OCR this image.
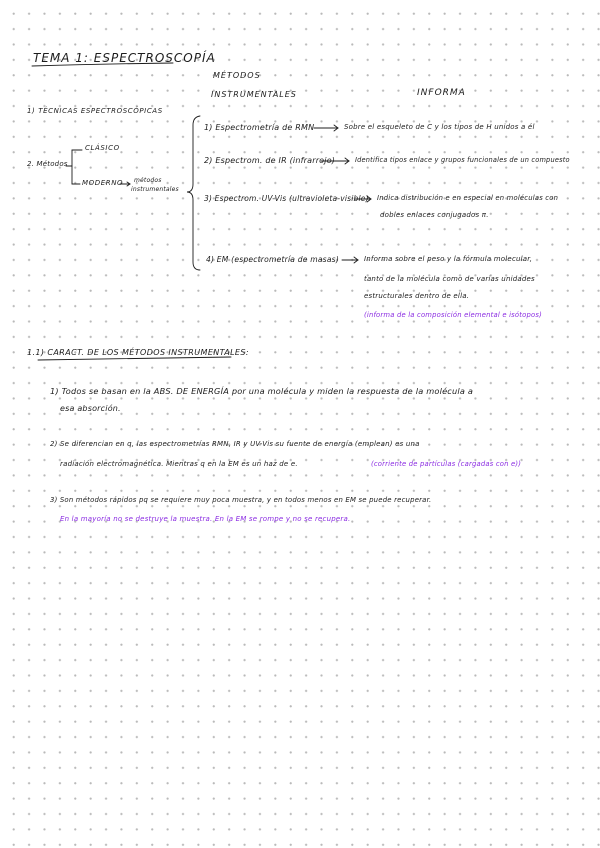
TEMA 1: ESPECTROSCOPÍA
MÉTODOS
INSTRUMENTALES	INFORMA
1) TÉCNICAS ESPECTROSCÓPICAS
2. Métodos
CLÁSICO
MODERNO métodos
instrumentales
1) Espectrometría de RMN	Sobre el esqueleto de C y los tipos de H unidos a él
2) Espectrom. de IR (infrarrojo)	Identifica tipos enlace y grupos funcionales de un compuesto
3) Espectrom. UV-Vis (ultravioleta-visible) Indica distribución e en especial en moléculas con
dobles enlaces conjugados π.
4) EM (espectrometría de masas)	Informa sobre el peso y la fórmula molecular,
tanto de la molécula como de varias unidades
estructurales dentro de ella.
(informa de la composición elemental e isótopos)
1.1) CARACT. DE LOS MÉTODOS INSTRUMENTALES:
1) Todos se basan en la ABS. DE ENERGÍA por una molécula y miden la respuesta de la molécula a
esa absorción.
2) Se diferencian en q, las espectrometrías RMN, IR y UV-Vis su fuente de energía (emplean) es una
radiación electromagnética. Mientras q en la EM es un haz de e.	(corriente de partículas (cargadas con e))
3) Son métodos rápidos pq se requiere muy poca muestra, y en todos menos en EM se puede recuperar.
En la mayoría no se destruye la muestra. En la EM se rompe y no se recupera.
